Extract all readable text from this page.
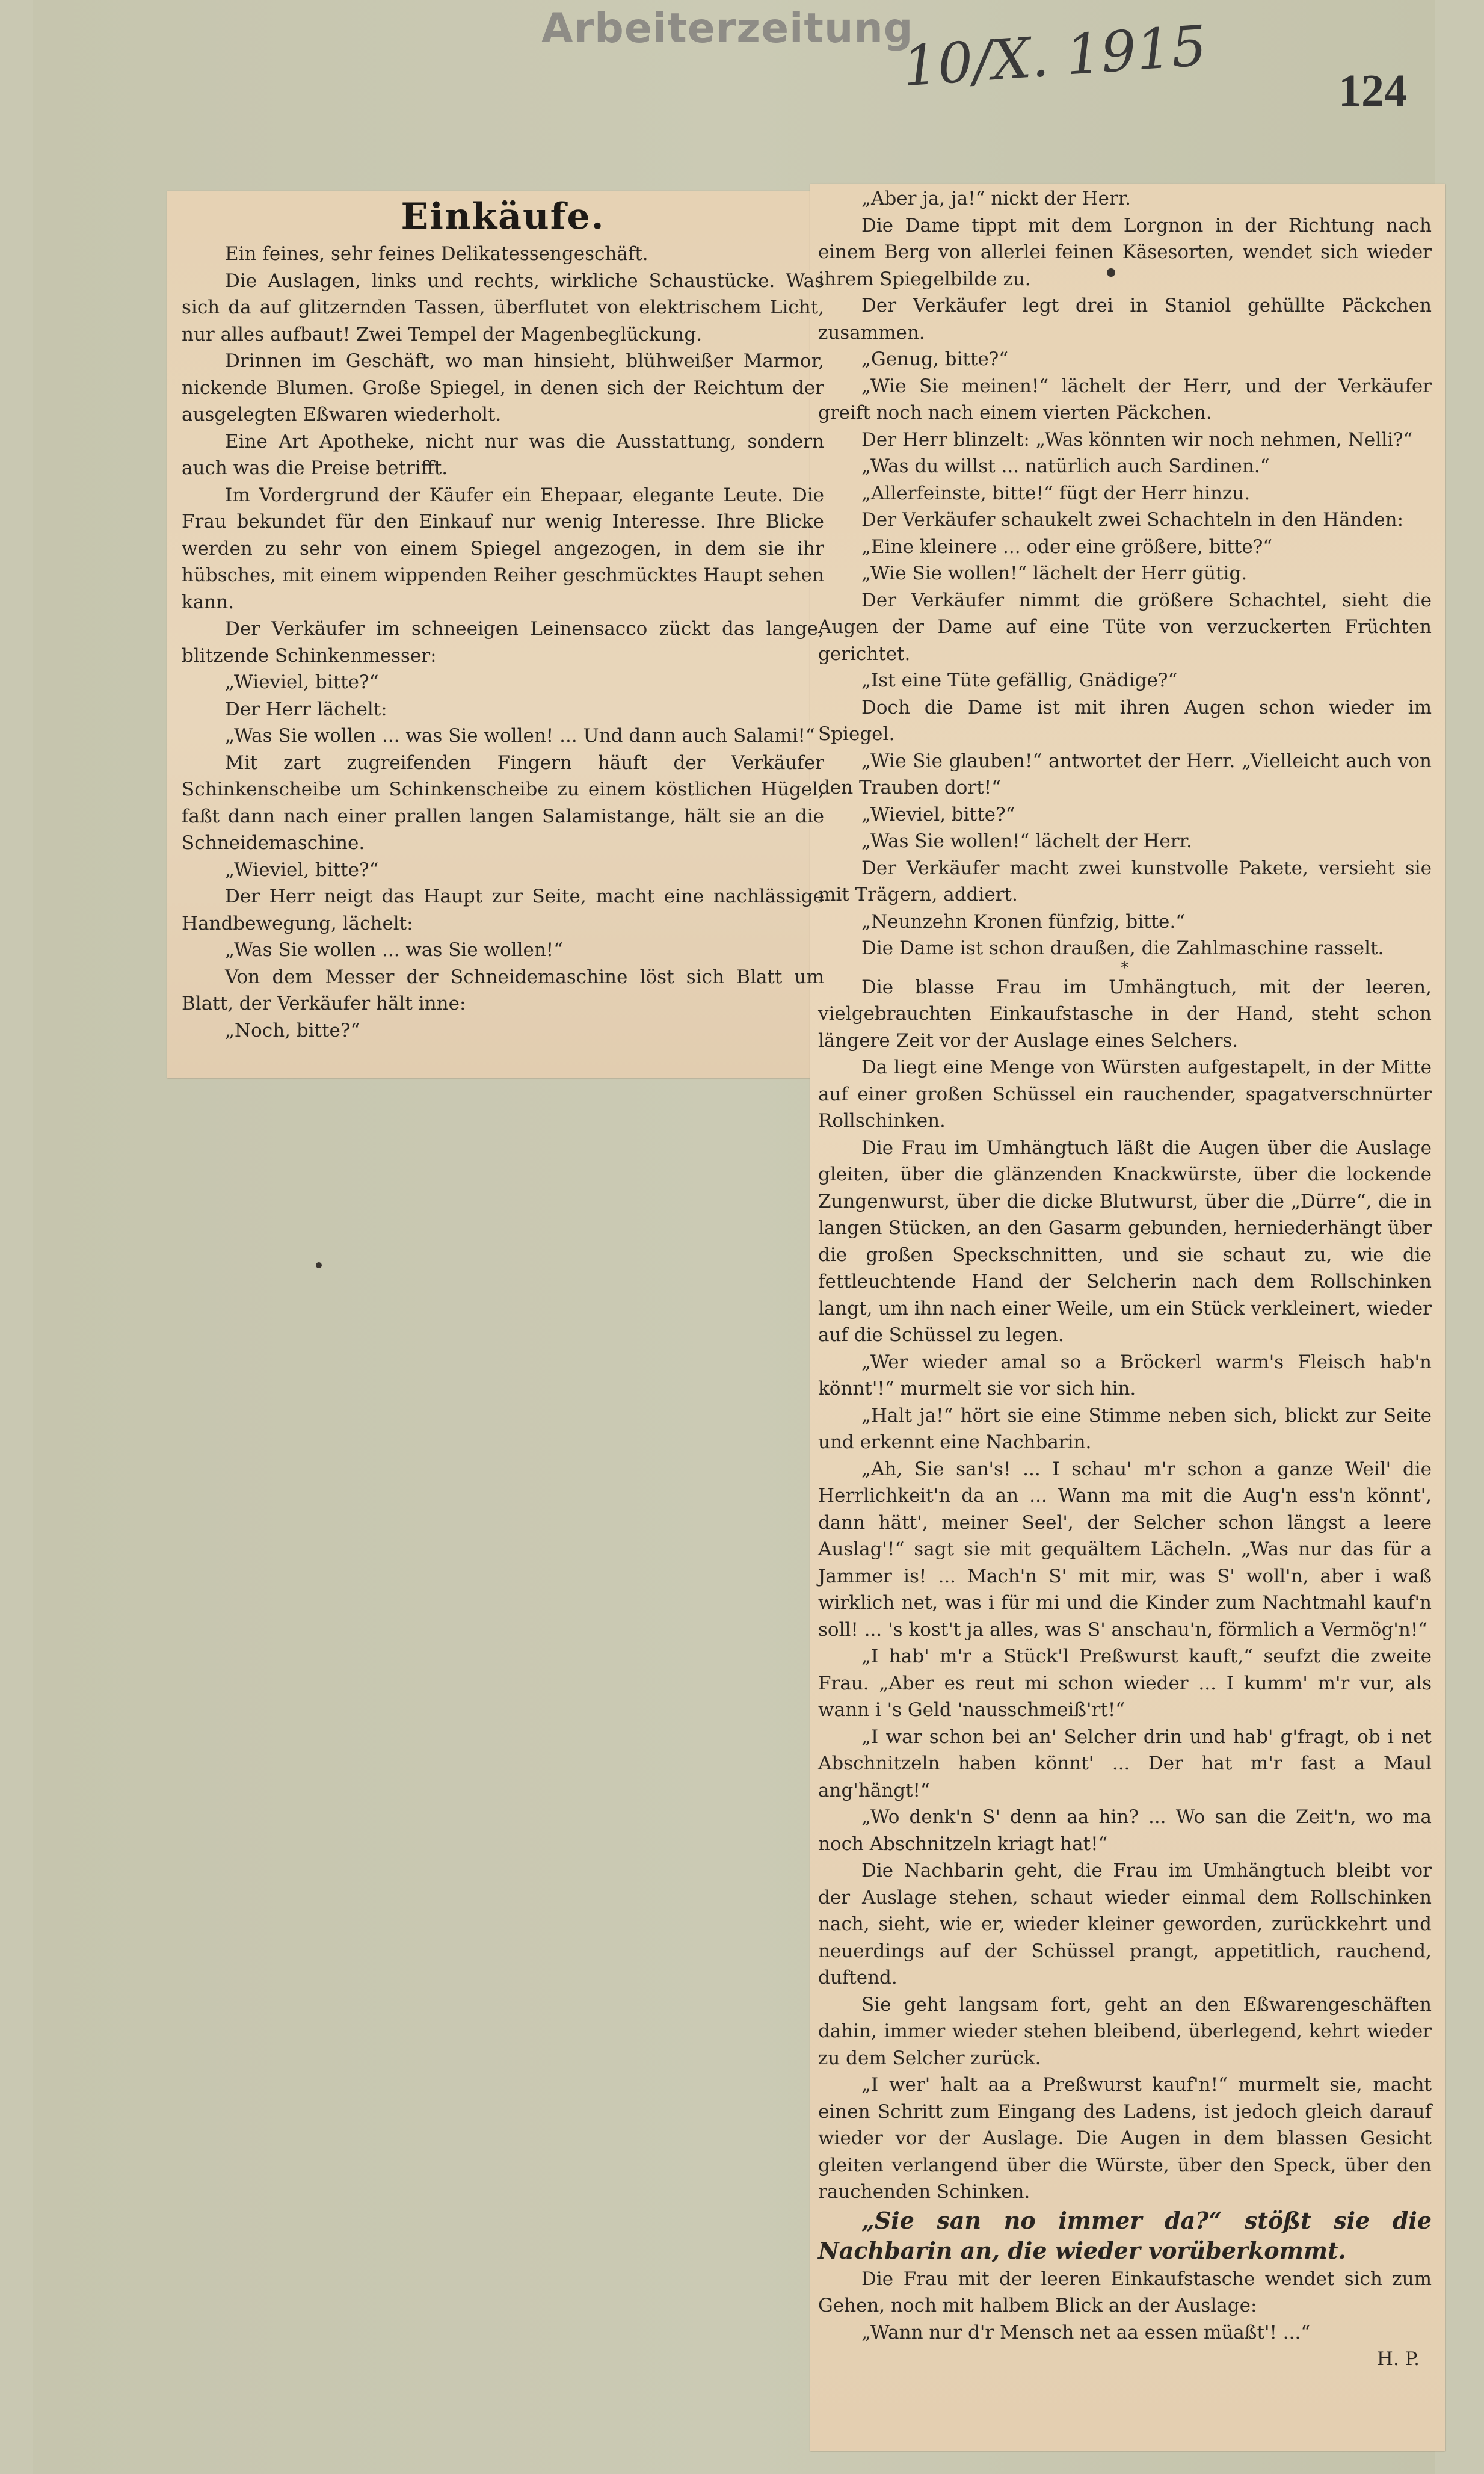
Arbeiterzeitung
10/X. 1915	124
Einkäufe.

Ein feines, sehr feines Delikatessengeschäft.

Die Auslagen, links und rechts, wirkliche Schaustücke. Was sich da auf glitzernden Tassen, überflutet von elektrischem Licht, nur alles aufbaut! Zwei Tempel der Magenbeglückung.

Drinnen im Geschäft, wo man hinsieht, blühweißer Marmor, nickende Blumen. Große Spiegel, in denen sich der Reichtum der ausgelegten Eßwaren wiederholt.

Eine Art Apotheke, nicht nur was die Ausstattung, sondern auch was die Preise betrifft.

Im Vordergrund der Käufer ein Ehepaar, elegante Leute. Die Frau bekundet für den Einkauf nur wenig Interesse. Ihre Blicke werden zu sehr von einem Spiegel angezogen, in dem sie ihr hübsches, mit einem wippenden Reiher geschmücktes Haupt sehen kann.

Der Verkäufer im schneeigen Leinensacco zückt das lange, blitzende Schinkenmesser:

„Wieviel, bitte?“

Der Herr lächelt:

„Was Sie wollen ... was Sie wollen! ... Und dann auch Salami!“

Mit zart zugreifenden Fingern häuft der Verkäufer Schinkenscheibe um Schinkenscheibe zu einem köstlichen Hügel, faßt dann nach einer prallen langen Salamistange, hält sie an die Schneidemaschine.

„Wieviel, bitte?“

Der Herr neigt das Haupt zur Seite, macht eine nachlässige Handbewegung, lächelt:

„Was Sie wollen ... was Sie wollen!“

Von dem Messer der Schneidemaschine löst sich Blatt um Blatt, der Verkäufer hält inne:

„Noch, bitte?“

„Aber ja, ja!“ nickt der Herr.

Die Dame tippt mit dem Lorgnon in der Richtung nach einem Berg von allerlei feinen Käsesorten, wendet sich wieder ihrem Spiegelbilde zu.

Der Verkäufer legt drei in Staniol gehüllte Päckchen zusammen.

„Genug, bitte?“

„Wie Sie meinen!“ lächelt der Herr, und der Verkäufer greift noch nach einem vierten Päckchen.

Der Herr blinzelt: „Was könnten wir noch nehmen, Nelli?“

„Was du willst ... natürlich auch Sardinen.“

„Allerfeinste, bitte!“ fügt der Herr hinzu.

Der Verkäufer schaukelt zwei Schachteln in den Händen:

„Eine kleinere ... oder eine größere, bitte?“

„Wie Sie wollen!“ lächelt der Herr gütig.

Der Verkäufer nimmt die größere Schachtel, sieht die Augen der Dame auf eine Tüte von verzuckerten Früchten gerichtet.

„Ist eine Tüte gefällig, Gnädige?“

Doch die Dame ist mit ihren Augen schon wieder im Spiegel.

„Wie Sie glauben!“ antwortet der Herr. „Vielleicht auch von den Trauben dort!“

„Wieviel, bitte?“

„Was Sie wollen!“ lächelt der Herr.

Der Verkäufer macht zwei kunstvolle Pakete, versieht sie mit Trägern, addiert.

„Neunzehn Kronen fünfzig, bitte.“

Die Dame ist schon draußen, die Zahlmaschine rasselt.

*

Die blasse Frau im Umhängtuch, mit der leeren, vielgebrauchten Einkaufstasche in der Hand, steht schon längere Zeit vor der Auslage eines Selchers.

Da liegt eine Menge von Würsten aufgestapelt, in der Mitte auf einer großen Schüssel ein rauchender, spagatverschnürter Rollschinken.

Die Frau im Umhängtuch läßt die Augen über die Auslage gleiten, über die glänzenden Knackwürste, über die lockende Zungenwurst, über die dicke Blutwurst, über die „Dürre“, die in langen Stücken, an den Gasarm gebunden, herniederhängt über die großen Speckschnitten, und sie schaut zu, wie die fettleuchtende Hand der Selcherin nach dem Rollschinken langt, um ihn nach einer Weile, um ein Stück verkleinert, wieder auf die Schüssel zu legen.

„Wer wieder amal so a Bröckerl warm's Fleisch hab'n könnt'!“ murmelt sie vor sich hin.

„Halt ja!“ hört sie eine Stimme neben sich, blickt zur Seite und erkennt eine Nachbarin.

„Ah, Sie san's! ... I schau' m'r schon a ganze Weil' die Herrlichkeit'n da an ... Wann ma mit die Aug'n ess'n könnt', dann hätt', meiner Seel', der Selcher schon längst a leere Auslag'!“ sagt sie mit gequältem Lächeln. „Was nur das für a Jammer is! ... Mach'n S' mit mir, was S' woll'n, aber i waß wirklich net, was i für mi und die Kinder zum Nachtmahl kauf'n soll! ... 's kost't ja alles, was S' anschau'n, förmlich a Vermög'n!“

„I hab' m'r a Stück'l Preßwurst kauft,“ seufzt die zweite Frau. „Aber es reut mi schon wieder ... I kumm' m'r vur, als wann i 's Geld 'nausschmeiß'rt!“

„I war schon bei an' Selcher drin und hab' g'fragt, ob i net Abschnitzeln haben könnt' ... Der hat m'r fast a Maul ang'hängt!“

„Wo denk'n S' denn aa hin? ... Wo san die Zeit'n, wo ma noch Abschnitzeln kriagt hat!“

Die Nachbarin geht, die Frau im Umhängtuch bleibt vor der Auslage stehen, schaut wieder einmal dem Rollschinken nach, sieht, wie er, wieder kleiner geworden, zurückkehrt und neuerdings auf der Schüssel prangt, appetitlich, rauchend, duftend.

Sie geht langsam fort, geht an den Eßwarengeschäften dahin, immer wieder stehen bleibend, überlegend, kehrt wieder zu dem Selcher zurück.

„I wer' halt aa a Preßwurst kauf'n!“ murmelt sie, macht einen Schritt zum Eingang des Ladens, ist jedoch gleich darauf wieder vor der Auslage. Die Augen in dem blassen Gesicht gleiten verlangend über die Würste, über den Speck, über den rauchenden Schinken.

„Sie san no immer da?“ stößt sie die Nachbarin an, die wieder vorüberkommt.

Die Frau mit der leeren Einkaufstasche wendet sich zum Gehen, noch mit halbem Blick an der Auslage:

„Wann nur d'r Mensch net aa essen müaßt'! ...“

H. P.
